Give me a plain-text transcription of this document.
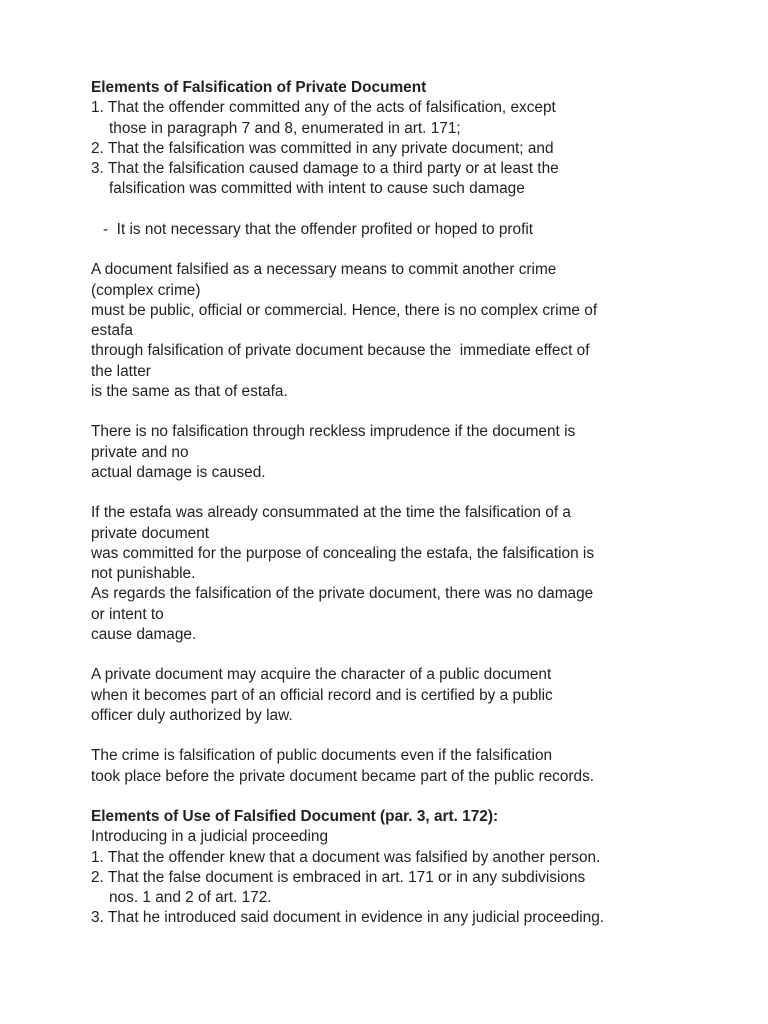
Elements of Falsification of Private Document
1. That the offender committed any of the acts of falsification, except
those in paragraph 7 and 8, enumerated in art. 171;
2. That the falsification was committed in any private document; and
3. That the falsification caused damage to a third party or at least the
falsification was committed with intent to cause such damage
-  It is not necessary that the offender profited or hoped to profit
A document falsified as a necessary means to commit another crime
(complex crime)
must be public, official or commercial. Hence, there is no complex crime of
estafa
through falsification of private document because the  immediate effect of
the latter
is the same as that of estafa.
There is no falsification through reckless imprudence if the document is
private and no
actual damage is caused.
If the estafa was already consummated at the time the falsification of a
private document
was committed for the purpose of concealing the estafa, the falsification is
not punishable.
As regards the falsification of the private document, there was no damage
or intent to
cause damage.
A private document may acquire the character of a public document
when it becomes part of an official record and is certified by a public
officer duly authorized by law.
The crime is falsification of public documents even if the falsification
took place before the private document became part of the public records.
Elements of Use of Falsified Document (par. 3, art. 172):
Introducing in a judicial proceeding
1. That the offender knew that a document was falsified by another person.
2. That the false document is embraced in art. 171 or in any subdivisions
nos. 1 and 2 of art. 172.
3. That he introduced said document in evidence in any judicial proceeding.
